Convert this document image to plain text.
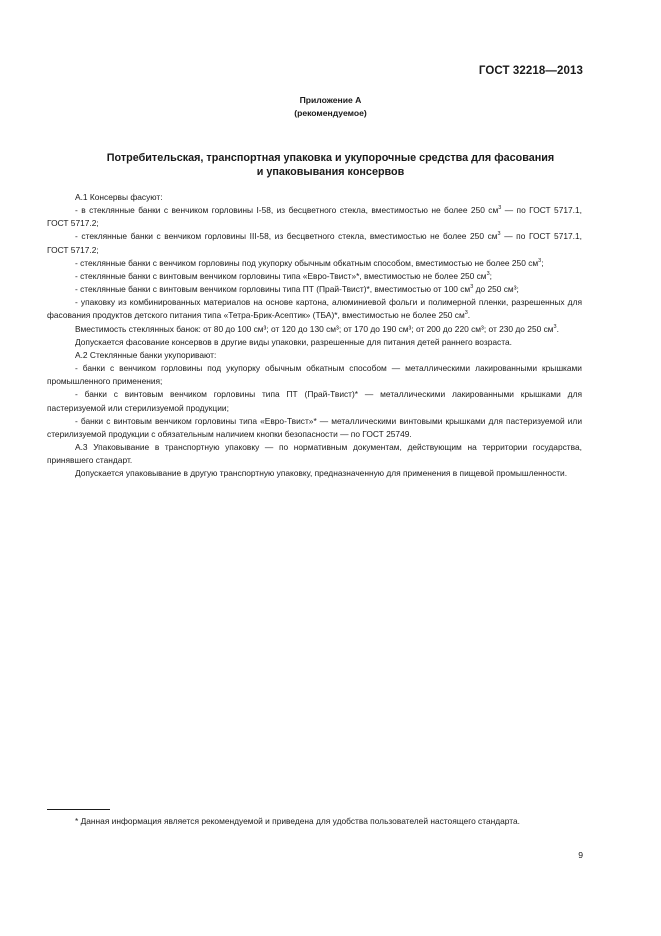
ГОСТ 32218—2013
Приложение А
(рекомендуемое)
Потребительская, транспортная упаковка и укупорочные средства для фасования
и упаковывания консервов

А.1 Консервы фасуют:

- в стеклянные банки с венчиком горловины I-58, из бесцветного стекла, вместимостью не более 250 $см^3$ — по ГОСТ 5717.1, ГОСТ 5717.2;

- стеклянные банки с венчиком горловины III-58, из бесцветного стекла, вместимостью не более 250 $см^3$ — по ГОСТ 5717.1, ГОСТ 5717.2;

- стеклянные банки с венчиком горловины под укупорку обычным обкатным способом, вместимостью не более 250 $см^3$;

- стеклянные банки с винтовым венчиком горловины типа «Евро-Твист»*, вместимостью не более 250 $см^3$;

- стеклянные банки с винтовым венчиком горловины типа ПТ (Прай-Твист)*, вместимостью от 100 $см^3$ до 250 см³;

- упаковку из комбинированных материалов на основе картона, алюминиевой фольги и полимерной пленки, разрешенных для фасования продуктов детского питания типа «Тетра-Брик-Асептик» (ТБА)*, вместимостью не более 250 $см^3$.

Вместимость стеклянных банок: от 80 до 100 см³; от 120 до 130 см³; от 170 до 190 см³; от 200 до 220 см³; от 230 до 250 $см^3$.

Допускается фасование консервов в другие виды упаковки, разрешенные для питания детей раннего возраста.

А.2 Стеклянные банки укупоривают:

- банки с венчиком горловины под укупорку обычным обкатным способом — металлическими лакированными крышками промышленного применения;

- банки с винтовым венчиком горловины типа ПТ (Прай-Твист)* — металлическими лакированными крышками для пастеризуемой или стерилизуемой продукции;

- банки с винтовым венчиком горловины типа «Евро-Твист»* — металлическими винтовыми крышками для пастеризуемой или стерилизуемой продукции с обязательным наличием кнопки безопасности — по ГОСТ 25749.

А.3 Упаковывание в транспортную упаковку — по нормативным документам, действующим на территории государства, принявшего стандарт.

Допускается упаковывание в другую транспортную упаковку, предназначенную для применения в пищевой промышленности.

* Данная информация является рекомендуемой и приведена для удобства пользователей настоящего стандарта.

9
